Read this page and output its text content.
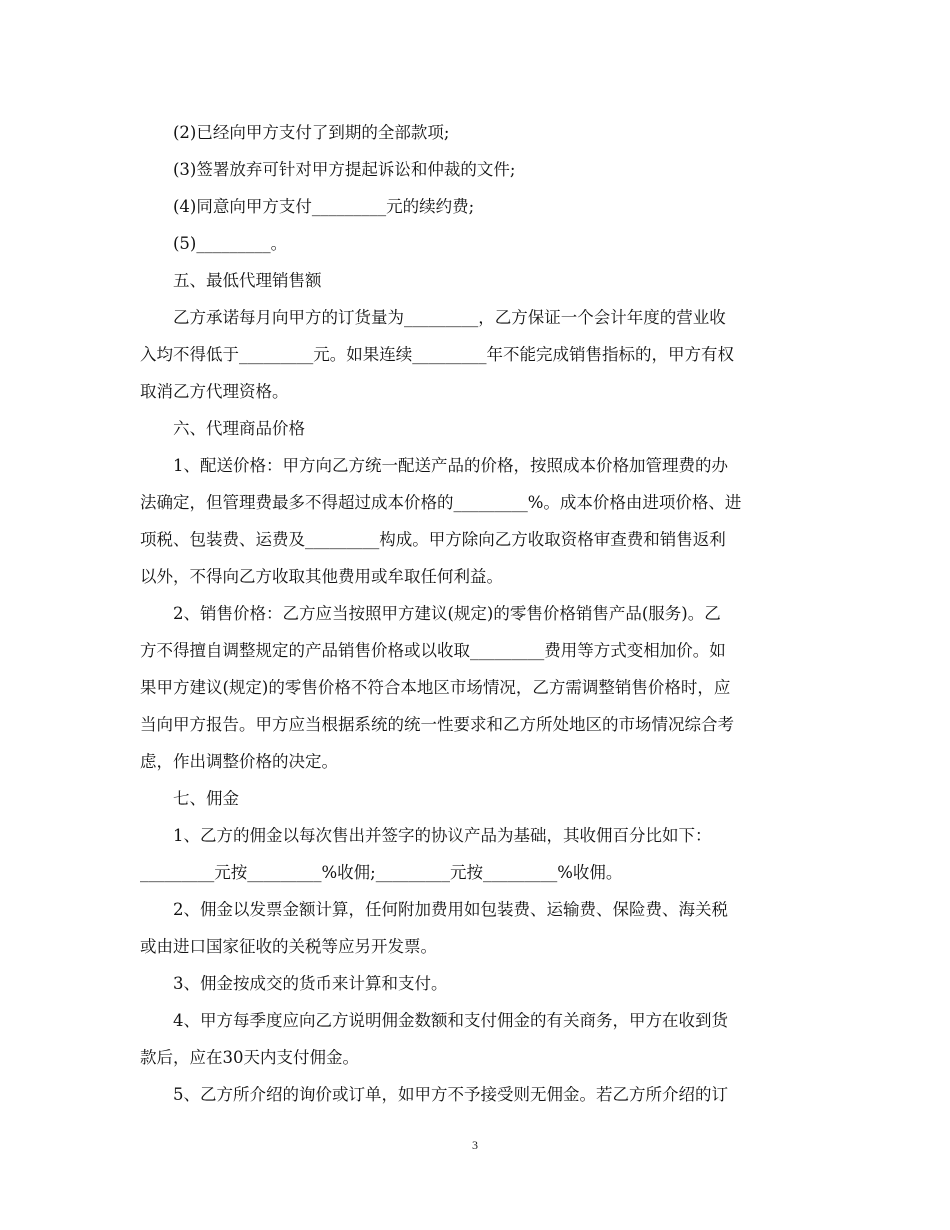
(2)已经向甲方支付了到期的全部款项;
(3)签署放弃可针对甲方提起诉讼和仲裁的文件;
(4)同意向甲方支付_________元的续约费;
(5)_________。
五、最低代理销售额
乙方承诺每月向甲方的订货量为_________，乙方保证一个会计年度的营业收
入均不得低于_________元。如果连续_________年不能完成销售指标的，甲方有权
取消乙方代理资格。
六、代理商品价格
1、配送价格：甲方向乙方统一配送产品的价格，按照成本价格加管理费的办
法确定，但管理费最多不得超过成本价格的_________%。成本价格由进项价格、进
项税、包装费、运费及_________构成。甲方除向乙方收取资格审查费和销售返利
以外，不得向乙方收取其他费用或牟取任何利益。
2、销售价格：乙方应当按照甲方建议(规定)的零售价格销售产品(服务)。乙
方不得擅自调整规定的产品销售价格或以收取_________费用等方式变相加价。如
果甲方建议(规定)的零售价格不符合本地区市场情况，乙方需调整销售价格时，应
当向甲方报告。甲方应当根据系统的统一性要求和乙方所处地区的市场情况综合考
虑，作出调整价格的决定。
七、佣金
1、乙方的佣金以每次售出并签字的协议产品为基础，其收佣百分比如下：
_________元按_________%收佣;_________元按_________%收佣。
2、佣金以发票金额计算，任何附加费用如包装费、运输费、保险费、海关税
或由进口国家征收的关税等应另开发票。
3、佣金按成交的货币来计算和支付。
4、甲方每季度应向乙方说明佣金数额和支付佣金的有关商务，甲方在收到货
款后，应在30天内支付佣金。
5、乙方所介绍的询价或订单，如甲方不予接受则无佣金。若乙方所介绍的订
3
